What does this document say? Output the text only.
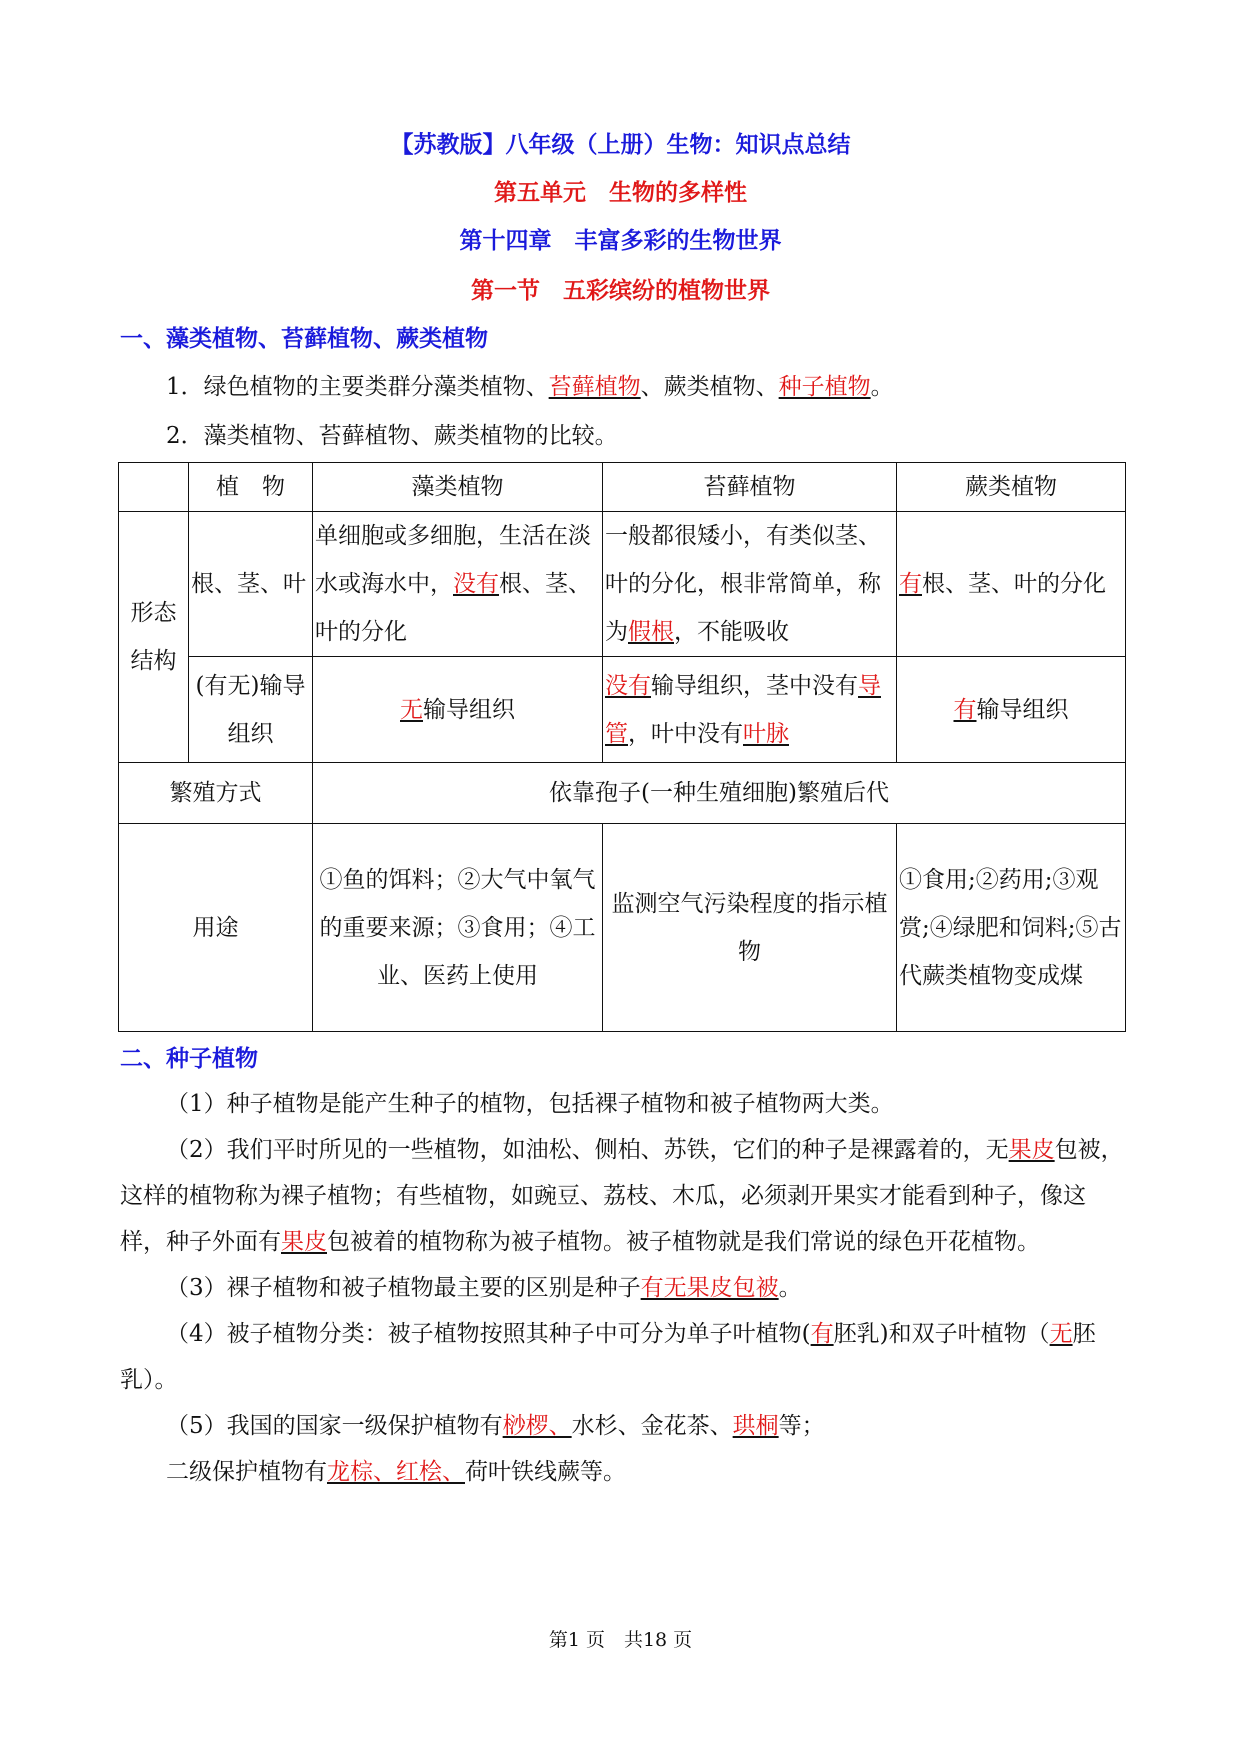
【苏教版】八年级（上册）生物：知识点总结
第五单元　生物的多样性
第十四章　丰富多彩的生物世界
第一节　五彩缤纷的植物世界
一、藻类植物、苔藓植物、蕨类植物
1．绿色植物的主要类群分藻类植物、苔藓植物、蕨类植物、种子植物。
2．藻类植物、苔藓植物、蕨类植物的比较。
	植　物	藻类植物	苔藓植物	蕨类植物

形态
结构	根、茎、叶	单细胞或多细胞，生活在淡水或海水中，没有根、茎、叶的分化	一般都很矮小，有类似茎、叶的分化，根非常简单，称为假根，不能吸收	有根、茎、叶的分化
	(有无)输导组织	无输导组织	没有输导组织，茎中没有导管，叶中没有叶脉	有输导组织
繁殖方式		依靠孢子(一种生殖细胞)繁殖后代		
用途		①鱼的饵料；②大气中氧气的重要来源；③食用；④工业、医药上使用	监测空气污染程度的指示植物	①食用;②药用;③观赏;④绿肥和饲料;⑤古代蕨类植物变成煤
二、种子植物

（1）种子植物是能产生种子的植物，包括裸子植物和被子植物两大类。

（2）我们平时所见的一些植物，如油松、侧柏、苏铁，它们的种子是裸露着的，无果皮包被，这样的植物称为裸子植物；有些植物，如豌豆、荔枝、木瓜，必须剥开果实才能看到种子，像这样，种子外面有果皮包被着的植物称为被子植物。被子植物就是我们常说的绿色开花植物。

（3）裸子植物和被子植物最主要的区别是种子有无果皮包被。

（4）被子植物分类：被子植物按照其种子中可分为单子叶植物(有胚乳)和双子叶植物（无胚乳）。

（5）我国的国家一级保护植物有桫椤、水杉、金花茶、珙桐等；

二级保护植物有龙棕、红桧、荷叶铁线蕨等。

第1 页　共18 页
